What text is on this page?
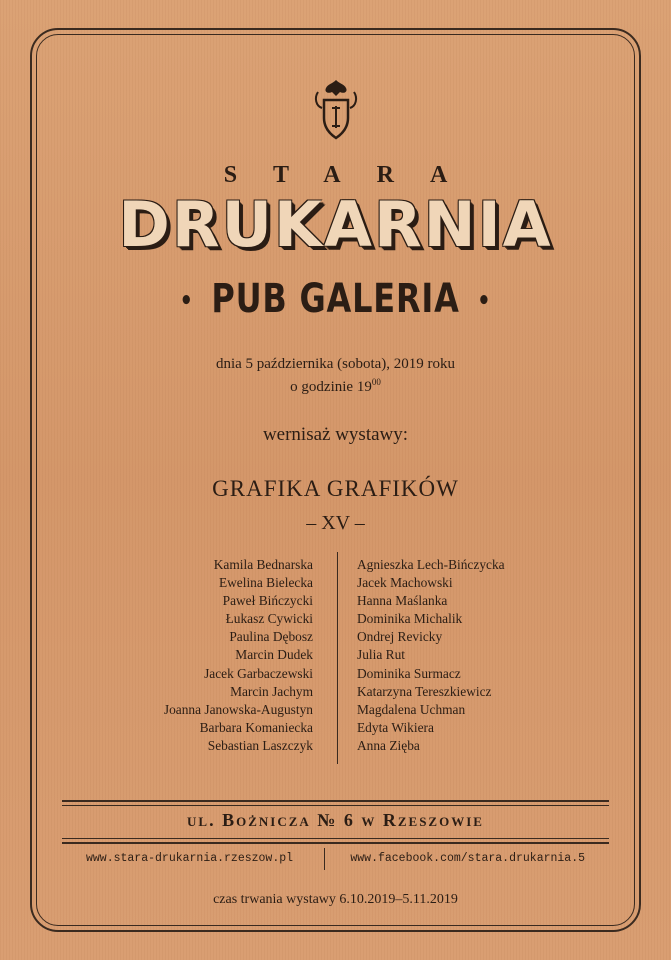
STARA
DRUKARNIA
• PUB GALERIA •
dnia 5 października (sobota), 2019 roku
o godzinie $19^{00}$
wernisaż wystawy:
GRAFIKA GRAFIKÓW
– XV –
Kamila Bednarska
Ewelina Bielecka
Paweł Bińczycki
Łukasz Cywicki
Paulina Dębosz
Marcin Dudek
Jacek Garbaczewski
Marcin Jachym
Joanna Janowska-Augustyn
Barbara Komaniecka
Sebastian Laszczyk
Agnieszka Lech-Bińczycka
Jacek Machowski
Hanna Maślanka
Dominika Michalik
Ondrej Revicky
Julia Rut
Dominika Surmacz
Katarzyna Tereszkiewicz
Magdalena Uchman
Edyta Wikiera
Anna Zięba
ul. Bożnicza № 6 w Rzeszowie
www.stara-drukarnia.rzeszow.pl	www.facebook.com/stara.drukarnia.5
czas trwania wystawy 6.10.2019–5.11.2019
